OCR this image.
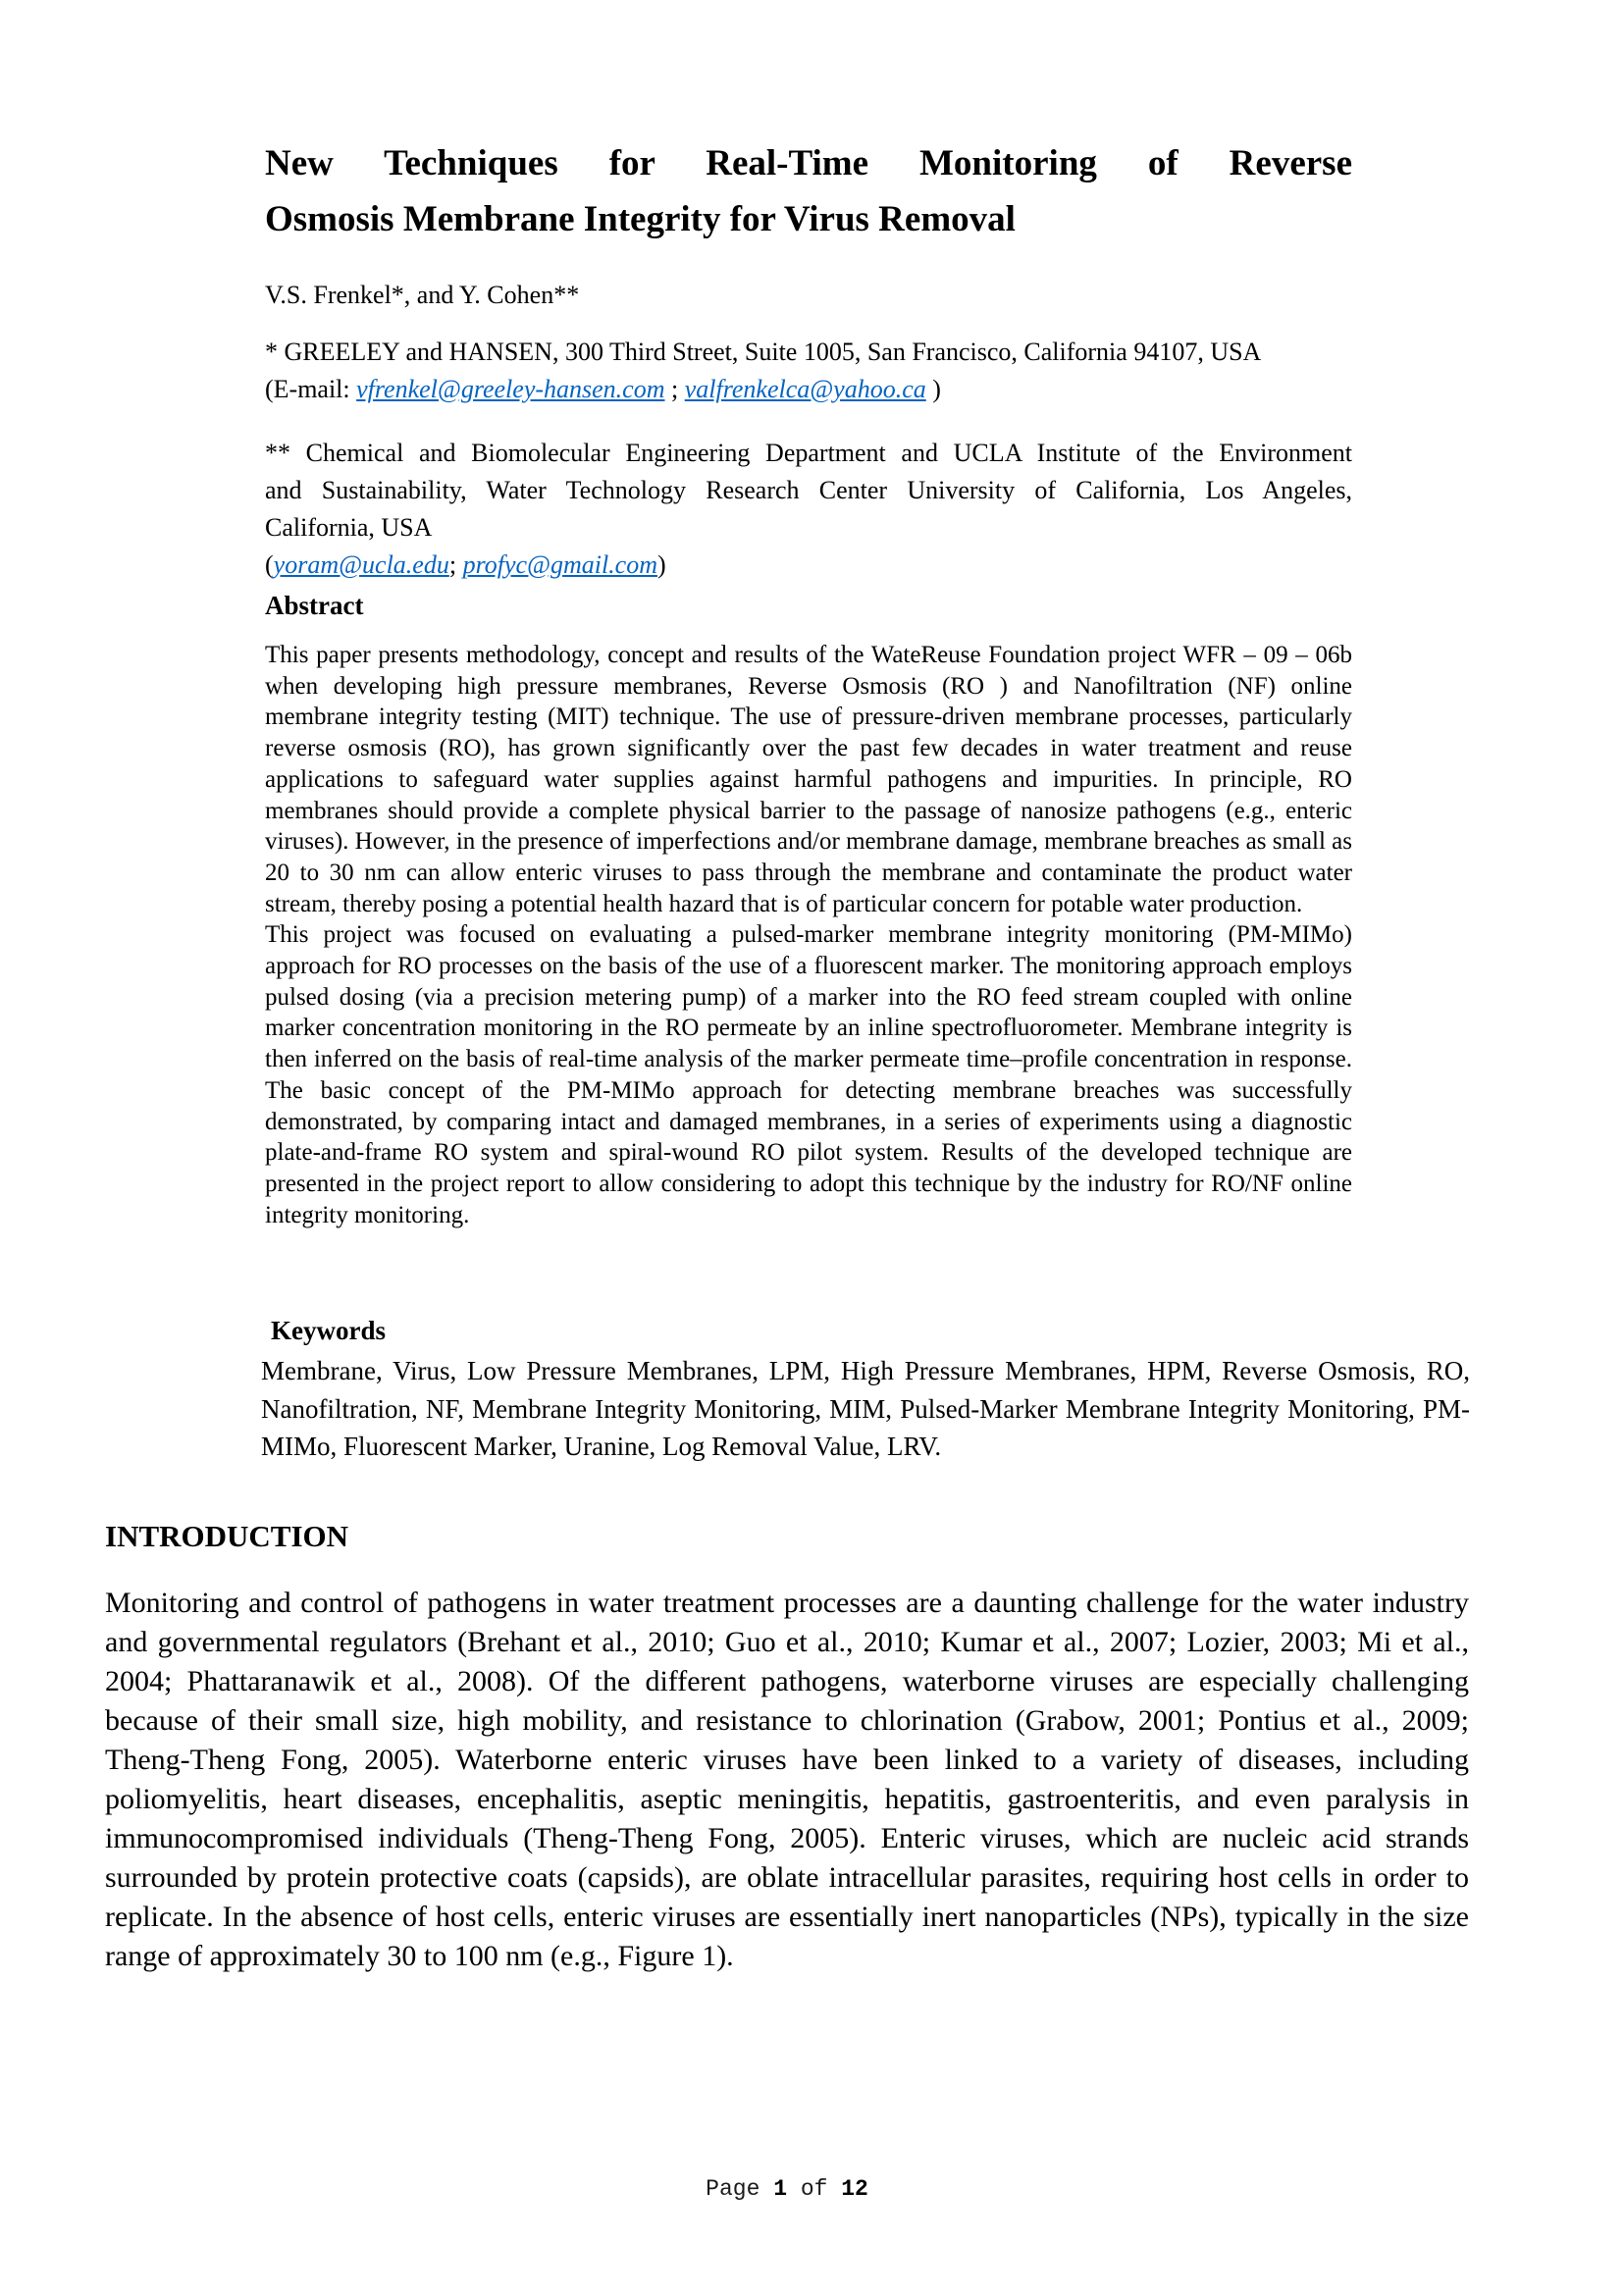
New Techniques for Real-Time Monitoring of Reverse
Osmosis Membrane Integrity for Virus Removal
V.S. Frenkel*, and Y. Cohen**
* GREELEY and HANSEN, 300 Third Street, Suite 1005, San Francisco, California 94107, USA
(E-mail: vfrenkel@greeley-hansen.com ; valfrenkelca@yahoo.ca )
** Chemical and Biomolecular Engineering Department and UCLA Institute of the Environment
and Sustainability, Water Technology Research Center University of California, Los Angeles,
California, USA
(yoram@ucla.edu; profyc@gmail.com)
Abstract

This paper presents methodology, concept and results of the WateReuse Foundation project WFR – 09 – 06b when developing high pressure membranes, Reverse Osmosis (RO ) and Nanofiltration (NF) online membrane integrity testing (MIT) technique. The use of pressure-driven membrane processes, particularly reverse osmosis (RO), has grown significantly over the past few decades in water treatment and reuse applications to safeguard water supplies against harmful pathogens and impurities. In principle, RO membranes should provide a complete physical barrier to the passage of nanosize pathogens (e.g., enteric viruses). However, in the presence of imperfections and/or membrane damage, membrane breaches as small as 20 to 30 nm can allow enteric viruses to pass through the membrane and contaminate the product water stream, thereby posing a potential health hazard that is of particular concern for potable water production.

This project was focused on evaluating a pulsed-marker membrane integrity monitoring (PM-MIMo) approach for RO processes on the basis of the use of a fluorescent marker. The monitoring approach employs pulsed dosing (via a precision metering pump) of a marker into the RO feed stream coupled with online marker concentration monitoring in the RO permeate by an inline spectrofluorometer. Membrane integrity is then inferred on the basis of real-time analysis of the marker permeate time–profile concentration in response. The basic concept of the PM-MIMo approach for detecting membrane breaches was successfully demonstrated, by comparing intact and damaged membranes, in a series of experiments using a diagnostic plate-and-frame RO system and spiral-wound RO pilot system. Results of the developed technique are presented in the project report to allow considering to adopt this technique by the industry for RO/NF online integrity monitoring.

Keywords
Membrane, Virus, Low Pressure Membranes, LPM, High Pressure Membranes, HPM, Reverse Osmosis, RO, Nanofiltration, NF, Membrane Integrity Monitoring, MIM, Pulsed-Marker Membrane Integrity Monitoring, PM-MIMo, Fluorescent Marker, Uranine, Log Removal Value, LRV.
INTRODUCTION
Monitoring and control of pathogens in water treatment processes are a daunting challenge for the water industry and governmental regulators (Brehant et al., 2010; Guo et al., 2010; Kumar et al., 2007; Lozier, 2003; Mi et al., 2004; Phattaranawik et al., 2008). Of the different pathogens, waterborne viruses are especially challenging because of their small size, high mobility, and resistance to chlorination (Grabow, 2001; Pontius et al., 2009; Theng-Theng Fong, 2005). Waterborne enteric viruses have been linked to a variety of diseases, including poliomyelitis, heart diseases, encephalitis, aseptic meningitis, hepatitis, gastroenteritis, and even paralysis in immunocompromised individuals (Theng-Theng Fong, 2005). Enteric viruses, which are nucleic acid strands surrounded by protein protective coats (capsids), are oblate intracellular parasites, requiring host cells in order to replicate. In the absence of host cells, enteric viruses are essentially inert nanoparticles (NPs), typically in the size range of approximately 30 to 100 nm (e.g., Figure 1).
Page 1 of 12
